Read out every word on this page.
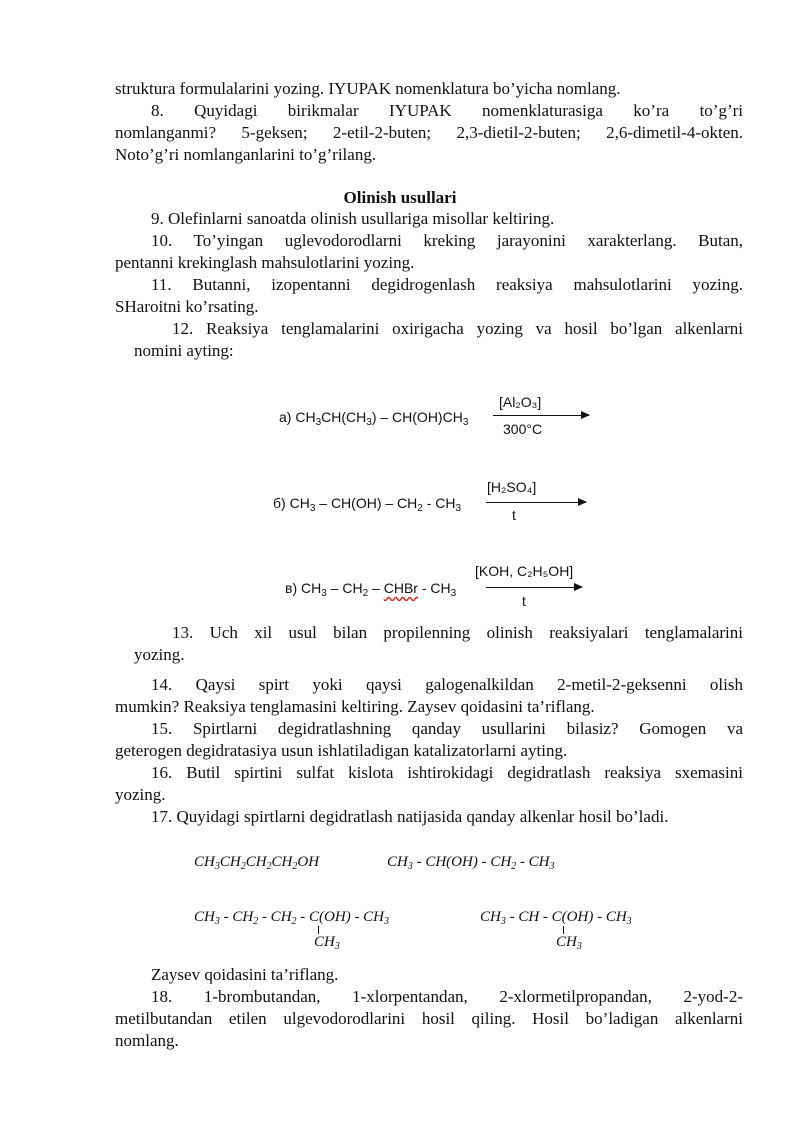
struktura formulalarini yozing. IYUPAK nomenklatura bo’yicha nomlang.
8. Quyidagi birikmalar IYUPAK nomenklaturasiga ko’ra to’g’ri
nomlanganmi? 5-geksen; 2-etil-2-buten; 2,3-dietil-2-buten; 2,6-dimetil-4-okten.
Noto’g’ri nomlanganlarini to’g’rilang.
Olinish usullari
9. Olefinlarni sanoatda olinish usullariga misollar keltiring.
10. To’yingan uglevodorodlarni kreking jarayonini xarakterlang. Butan,
pentanni krekinglash mahsulotlarini yozing.
11. Butanni, izopentanni degidrogenlash reaksiya mahsulotlarini yozing.
SHaroitni ko’rsating.
12. Reaksiya tenglamalarini oxirigacha yozing va hosil bo’lgan alkenlarni
nomini ayting:
a) $CH_3CH(CH_3) - CH(OH)CH_3$
[Al₂O₃]
300°C
б) $CH_3 - CH(OH) - CH_2 - CH_3$
[H₂SO₄]
t
в) $CH_3 - CH_2$ – CHBr - $CH_3$
[KOH, C₂H₅OH]
t
13. Uch xil usul bilan propilenning olinish reaksiyalari tenglamalarini
yozing.
14. Qaysi spirt yoki qaysi galogenalkildan 2-metil-2-geksenni olish
mumkin? Reaksiya tenglamasini keltiring. Zaysev qoidasini ta’riflang.
15. Spirtlarni degidratlashning qanday usullarini bilasiz? Gomogen va
geterogen degidratasiya usun ishlatiladigan katalizatorlarni ayting.
16. Butil spirtini sulfat kislota ishtirokidagi degidratlash reaksiya sxemasini
yozing.
17. Quyidagi spirtlarni degidratlash natijasida qanday alkenlar hosil bo’ladi.
$CH_3CH_2CH_2CH_2OH$	$CH_3 - CH(OH) - CH_2 - CH_3$
$CH_3 - CH_2 - CH_2 - C(OH) - CH_3$
$CH_3$
$CH_3$ - CH - $C(OH) - CH_3$
$CH_3$
Zaysev qoidasini ta’riflang.
18. 1-brombutandan, 1-xlorpentandan, 2-xlormetilpropandan, 2-yod-2-
metilbutandan etilen ulgevodorodlarini hosil qiling. Hosil bo’ladigan alkenlarni
nomlang.
